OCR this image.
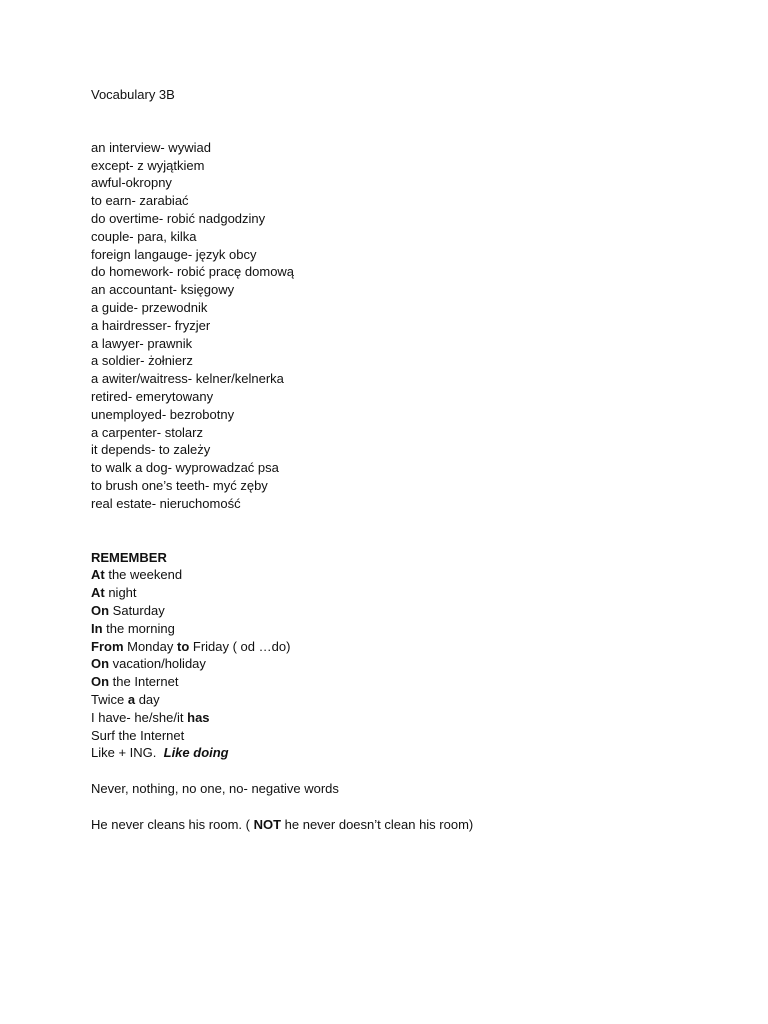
Vocabulary 3B
an interview- wywiad
except- z wyjątkiem
awful-okropny
to earn- zarabiać
do overtime- robić nadgodziny
couple- para, kilka
foreign langauge- język obcy
do homework- robić pracę domową
an accountant- księgowy
a guide- przewodnik
a hairdresser- fryzjer
a lawyer- prawnik
a soldier- żołnierz
a awiter/waitress- kelner/kelnerka
retired- emerytowany
unemployed- bezrobotny
a carpenter- stolarz
it depends- to zależy
to walk a dog- wyprowadzać psa
to brush one’s teeth- myć zęby
real estate- nieruchomość
REMEMBER
At the weekend
At night
On Saturday
In the morning
From Monday to Friday ( od …do)
On vacation/holiday
On the Internet
Twice a day
I have- he/she/it has
Surf the Internet
Like + ING.  Like doing
Never, nothing, no one, no- negative words
He never cleans his room. ( NOT he never doesn’t clean his room)
